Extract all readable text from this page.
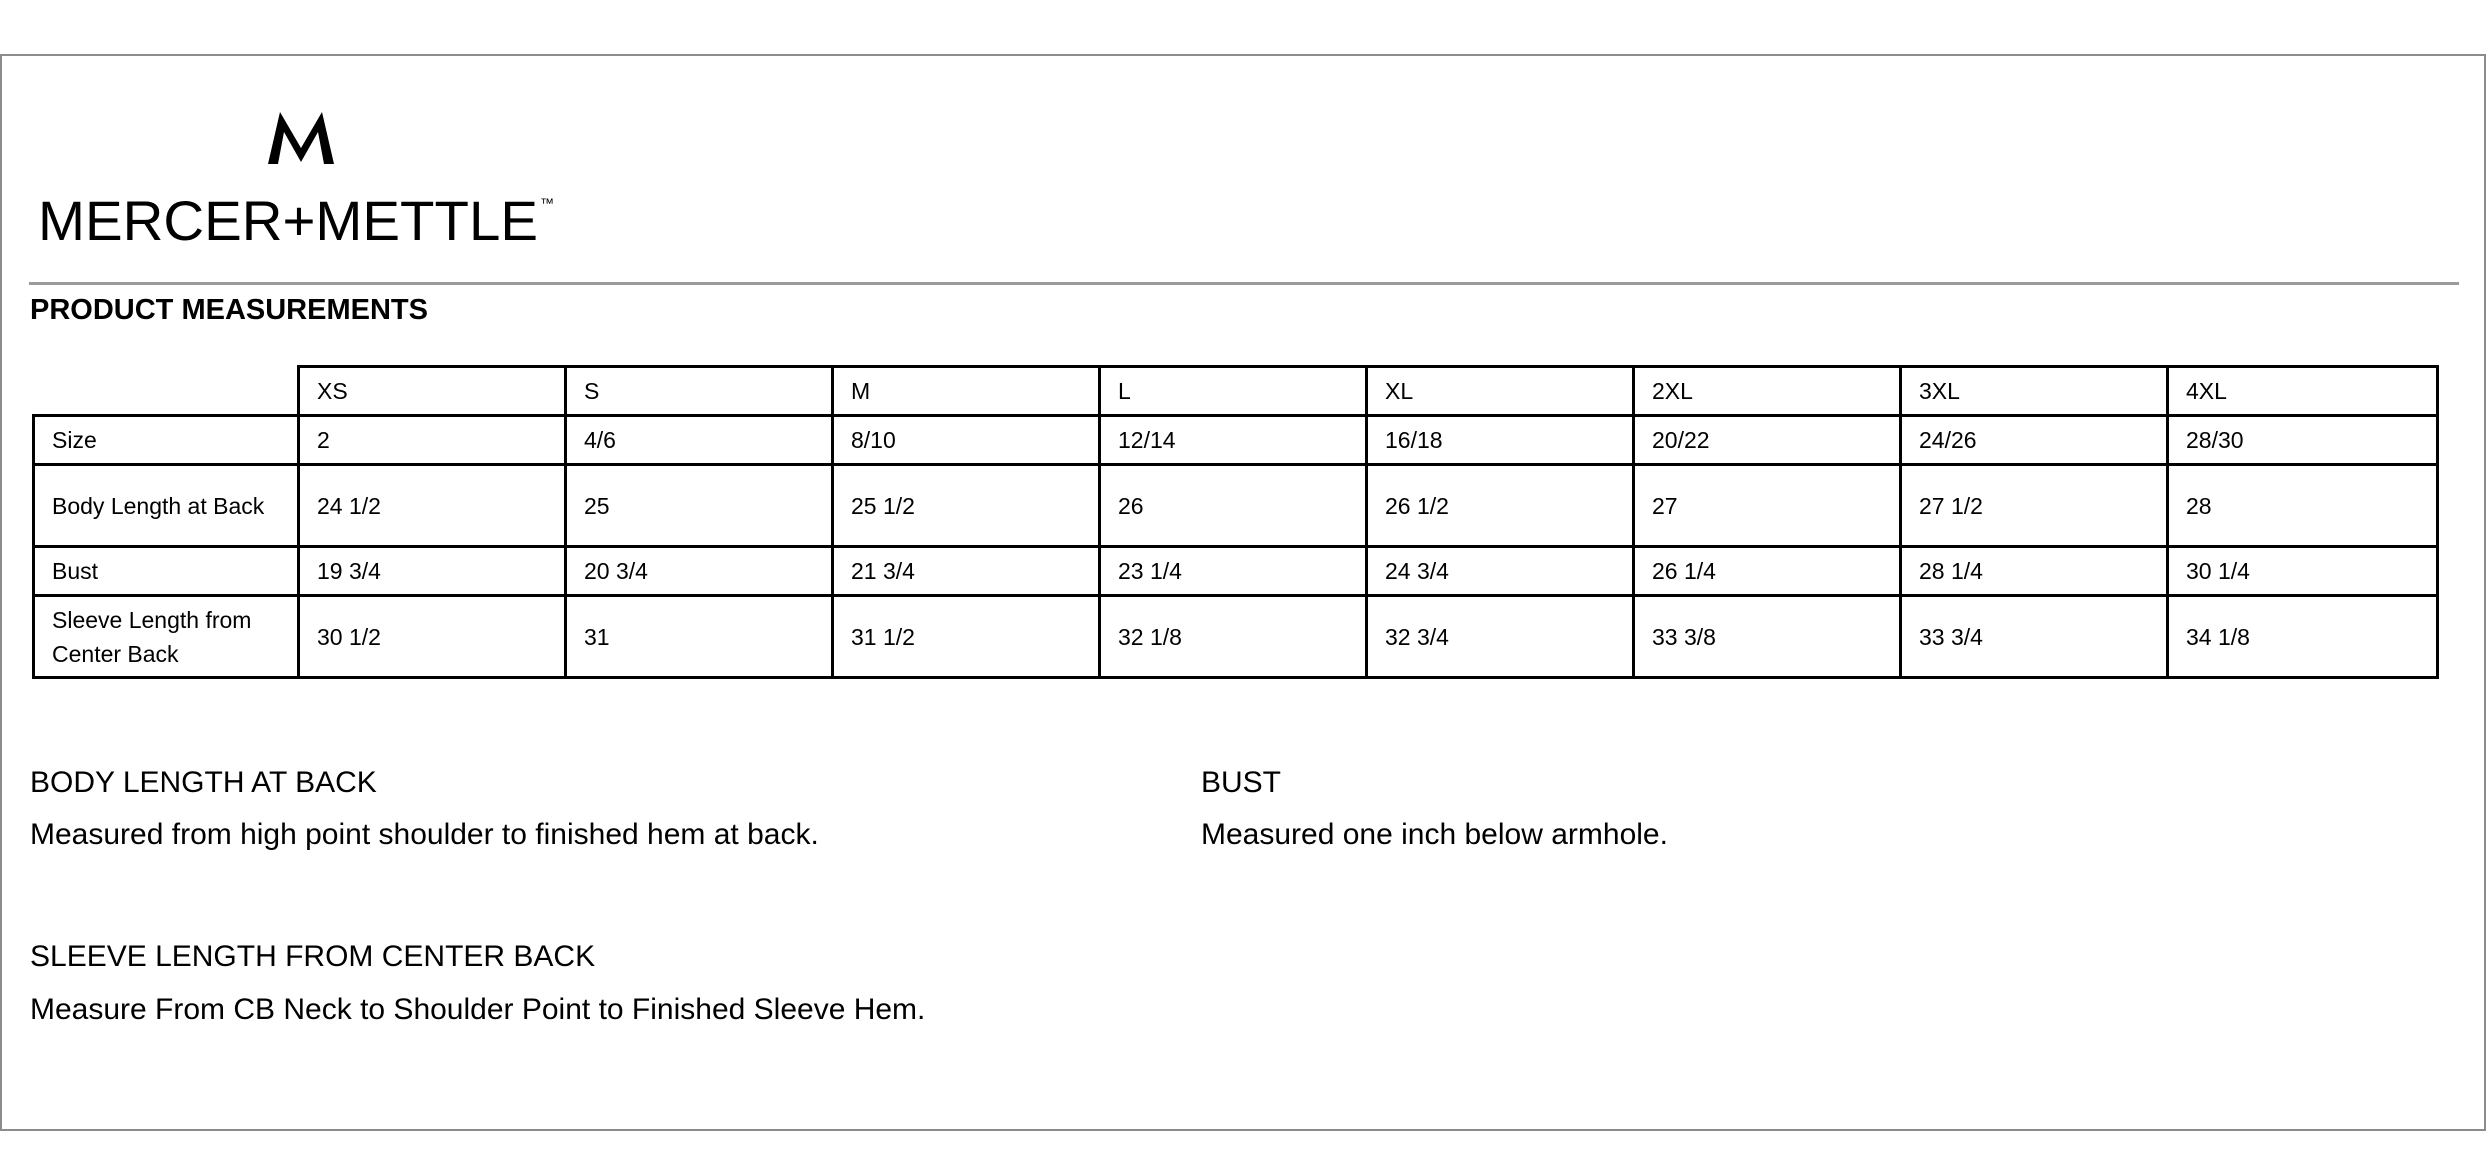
MERCER+METTLE ™
PRODUCT MEASUREMENTS
	XS	S	M	L	XL	2XL	3XL	4XL
Size	2	4/6	8/10	12/14	16/18	20/22	24/26	28/30
Body Length at Back	24 1/2	25	25 1/2	26	26 1/2	27	27 1/2	28
Bust	19 3/4	20 3/4	21 3/4	23 1/4	24 3/4	26 1/4	28 1/4	30 1/4
Sleeve Length from Center Back	30 1/2	31	31 1/2	32 1/8	32 3/4	33 3/8	33 3/4	34 1/8
BODY LENGTH AT BACK
Measured from high point shoulder to finished hem at back.
BUST
Measured one inch below armhole.
SLEEVE LENGTH FROM CENTER BACK
Measure From CB Neck to Shoulder Point to Finished Sleeve Hem.
